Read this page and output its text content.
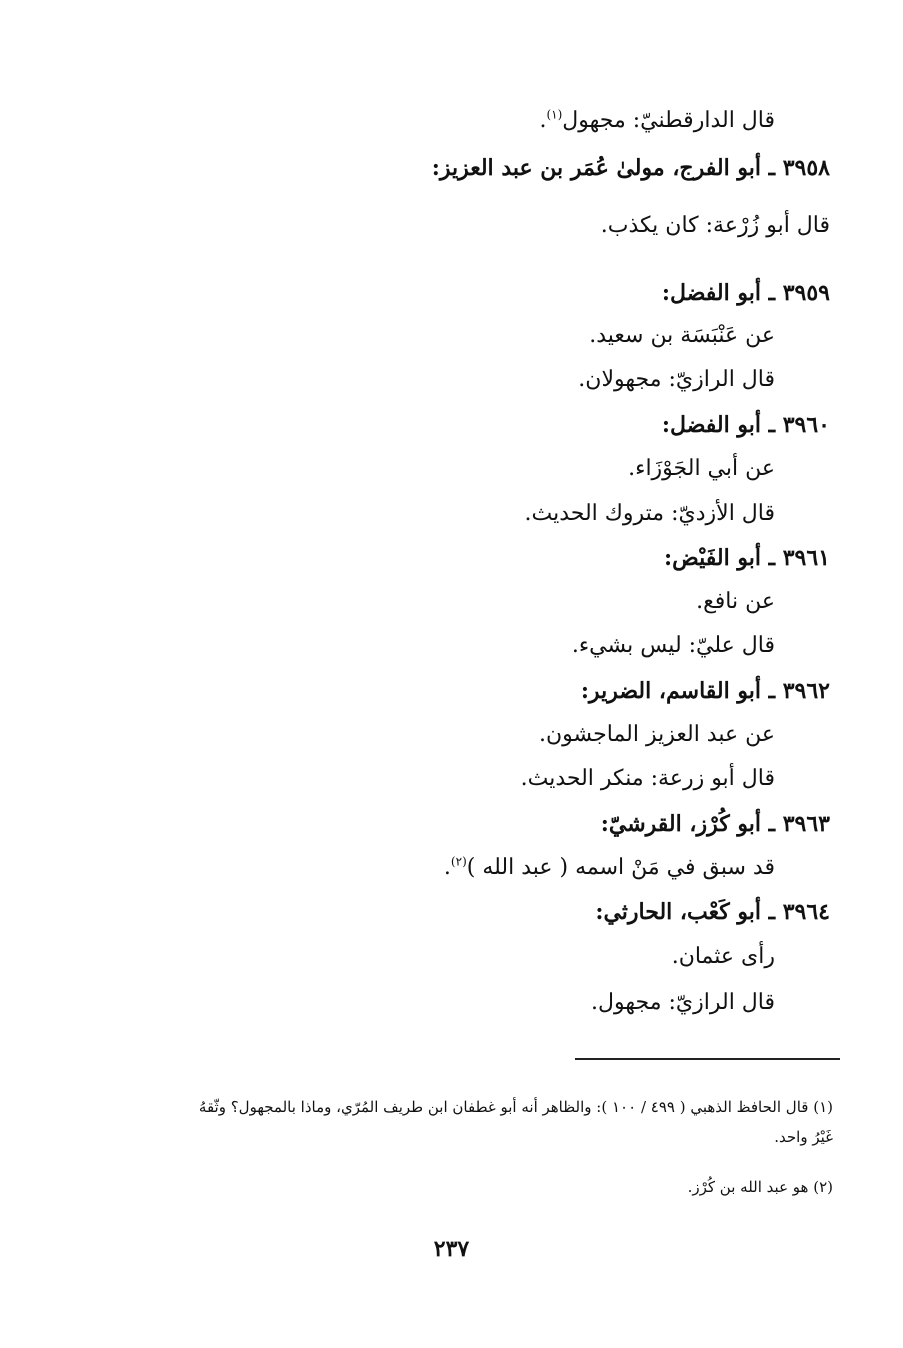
قال الدارقطنيّ: مجهول$^{(١)}$.
٣٩٥٨ ـ أبو الفرج، مولىٰ عُمَر بن عبد العزيز:
قال أبو زُرْعة: كان يكذب.
٣٩٥٩ ـ أبو الفضل:
عن عَنْبَسَة بن سعيد.
قال الرازيّ: مجهولان.
٣٩٦٠ ـ أبو الفضل:
عن أبي الجَوْزَاء.
قال الأزديّ: متروك الحديث.
٣٩٦١ ـ أبو الفَيْض:
عن نافع.
قال عليّ: ليس بشيء.
٣٩٦٢ ـ أبو القاسم، الضرير:
عن عبد العزيز الماجشون.
قال أبو زرعة: منكر الحديث.
٣٩٦٣ ـ أبو كُرْز، القرشيّ:
قد سبق في مَنْ اسمه ( عبد الله )$^{(٢)}$.
٣٩٦٤ ـ أبو كَعْب، الحارثي:
رأى عثمان.
قال الرازيّ: مجهول.
(١) قال الحافظ الذهبي ( ٤٩٩ / ١٠٠ ): والظاهر أنه أبو غطفان ابن طريف المُرّي، وماذا بالمجهول؟ وثّقهُ
غَيْرُ واحد.
(٢) هو عبد الله بن كُرْز.
٢٣٧
